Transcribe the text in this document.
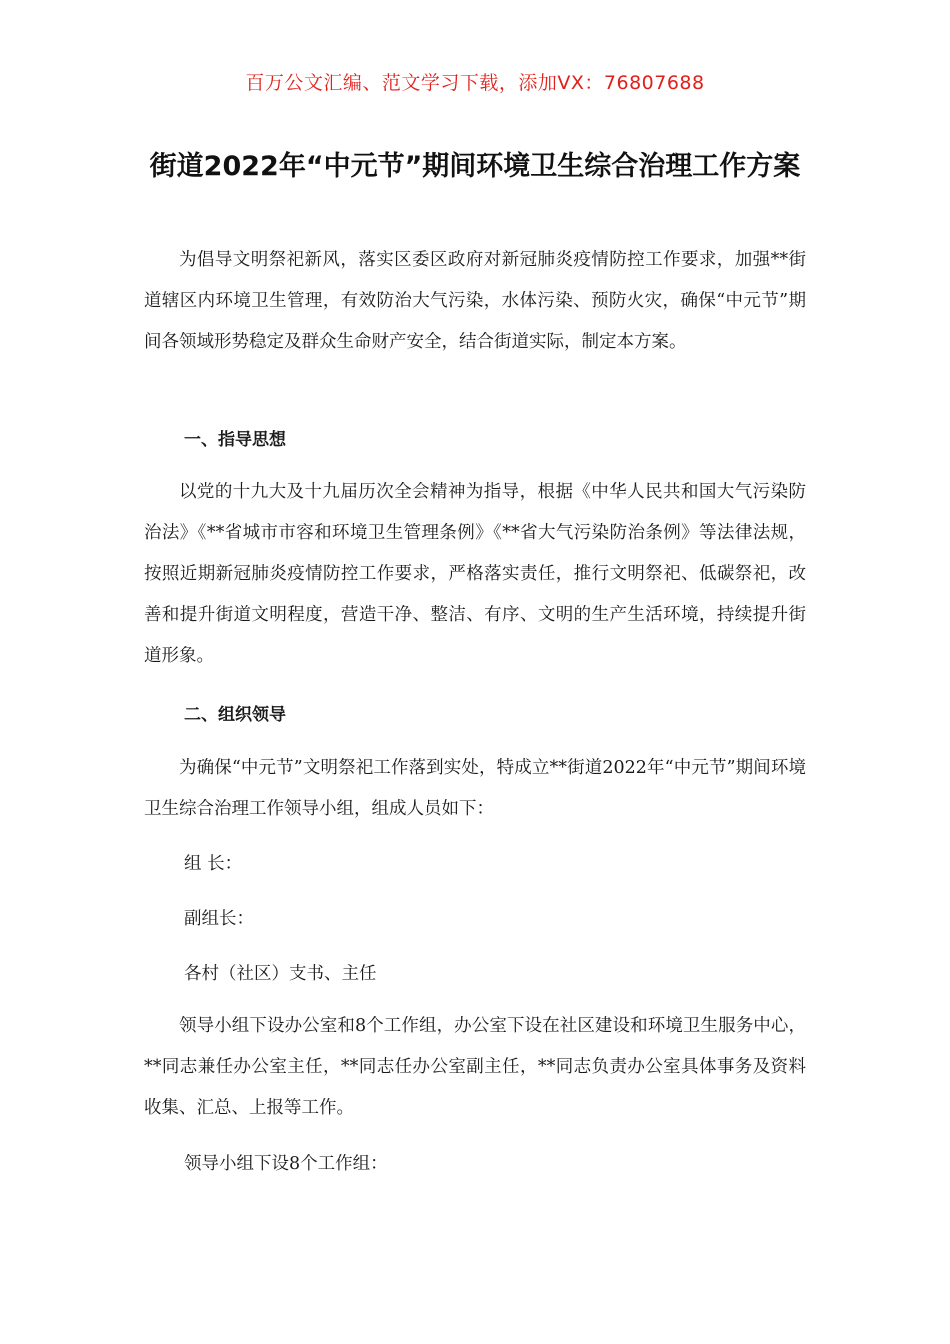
百万公文汇编、范文学习下载，添加VX：76807688
街道2022年“中元节”期间环境卫生综合治理工作方案

为倡导文明祭祀新风，落实区委区政府对新冠肺炎疫情防控工作要求，加强**街道辖区内环境卫生管理，有效防治大气污染，水体污染、预防火灾，确保“中元节”期间各领域形势稳定及群众生命财产安全，结合街道实际，制定本方案。

一、指导思想

以党的十九大及十九届历次全会精神为指导，根据《中华人民共和国大气污染防治法》《**省城市市容和环境卫生管理条例》《**省大气污染防治条例》等法律法规，按照近期新冠肺炎疫情防控工作要求，严格落实责任，推行文明祭祀、低碳祭祀，改善和提升街道文明程度，营造干净、整洁、有序、文明的生产生活环境，持续提升街道形象。

二、组织领导

为确保“中元节”文明祭祀工作落到实处，特成立**街道2022年“中元节”期间环境卫生综合治理工作领导小组，组成人员如下：

组 长：
副组长：
各村（社区）支书、主任

领导小组下设办公室和8个工作组，办公室下设在社区建设和环境卫生服务中心，**同志兼任办公室主任，**同志任办公室副主任，**同志负责办公室具体事务及资料收集、汇总、上报等工作。

领导小组下设8个工作组：
